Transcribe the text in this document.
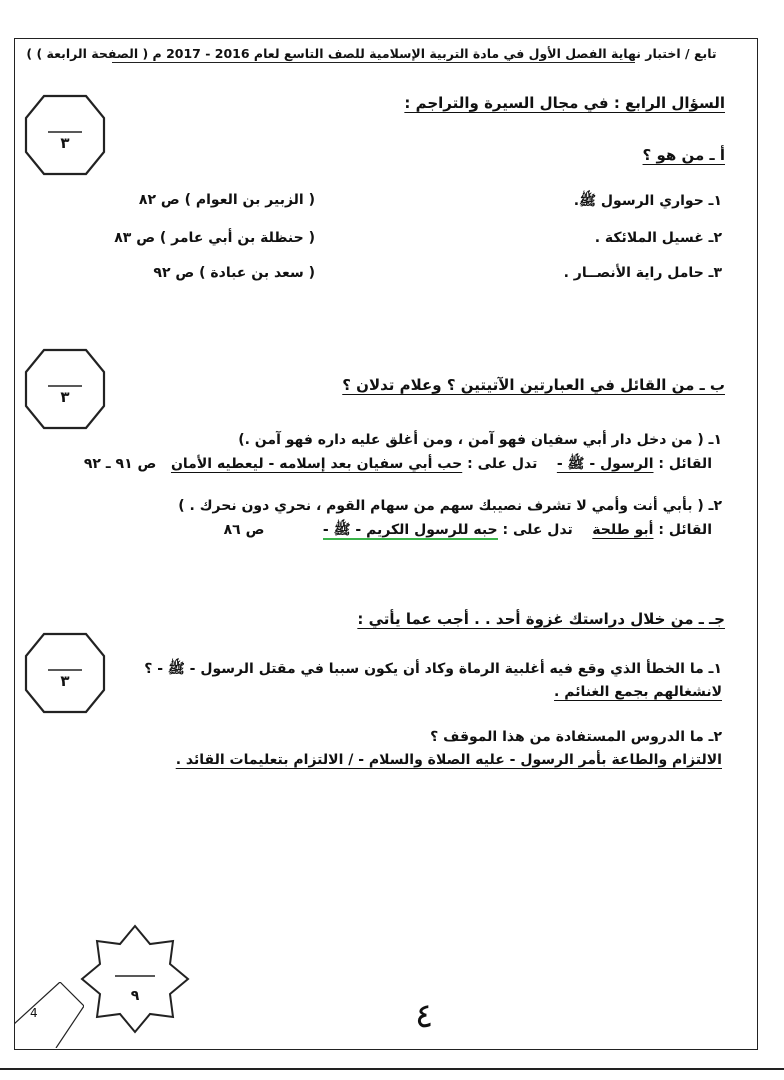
تابع / اختبار نهاية الفصل الأول في مادة التربية الإسلامية للصف التاسع لعام 2016 - 2017 م ( الصفحة الرابعة ) )
السؤال الرابع : في مجال السيرة والتراجم :
٣
أ ـ من هو ؟
١ـ حواري الرسول ﷺ.
( الزبير بن العوام ) ص ٨٢
٢ـ غسيل الملائكة .
( حنظلة بن أبي عامر ) ص ٨٣
٣ـ حامل راية الأنصــار .
( سعد بن عبادة ) ص ٩٢
٣
ب ـ من القائل في العبارتين الآتيتين ؟ وعلام تدلان ؟
١ـ ( من دخل دار أبي سفيان فهو آمن ، ومن أغلق عليه داره فهو آمن .)
القائل : الرسول - ﷺ -    تدل على : حب أبي سفيان بعد إسلامه - ليعطيه الأمان   ص ٩١ ـ ٩٢
٢ـ ( بأبي أنت وأمي لا تشرف نصيبك سهم من سهام القوم ، نحري دون نحرك . )
القائل : أبو طلحة    تدل على : حبه للرسول الكريم - ﷺ -            ص ٨٦
٣
جـ ـ من خلال دراستك غزوة أحد . . أجب عما يأتي :
١ـ ما الخطأ الذي وقع فيه أغلبية الرماة وكاد أن يكون سببا في مقتل الرسول - ﷺ - ؟
لانشغالهم بجمع الغنائم .
٢ـ ما الدروس المستفادة من هذا الموقف ؟
الالتزام والطاعة بأمر الرسول - عليه الصلاة والسلام - / الالتزام بتعليمات القائد .
٩
4	٤
